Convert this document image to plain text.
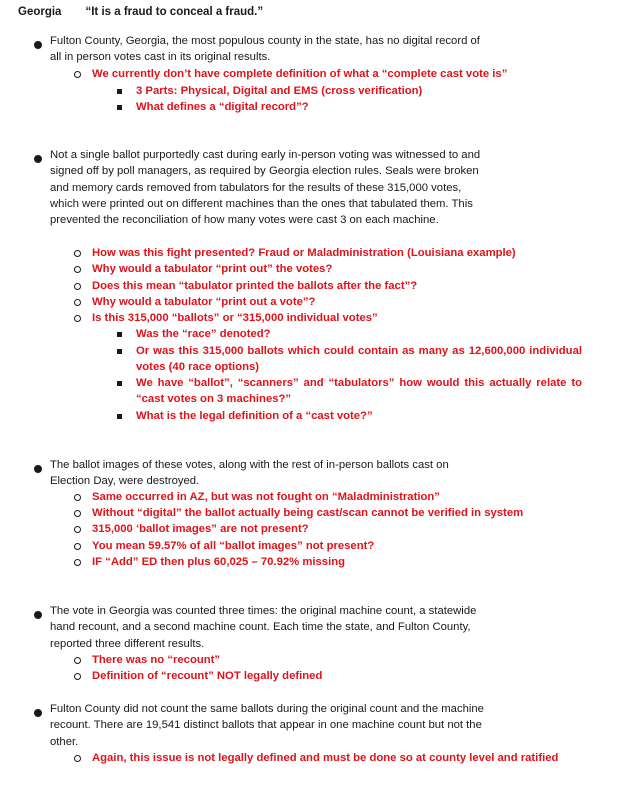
Georgia “It is a fraud to conceal a fraud.”
Fulton County, Georgia, the most populous county in the state, has no digital record of all in person votes cast in its original results.
We currently don’t have complete definition of what a “complete cast vote is”
3 Parts: Physical, Digital and EMS (cross verification)
What defines a “digital record”?
Not a single ballot purportedly cast during early in-person voting was witnessed to and signed off by poll managers, as required by Georgia election rules. Seals were broken and memory cards removed from tabulators for the results of these 315,000 votes, which were printed out on different machines than the ones that tabulated them. This prevented the reconciliation of how many votes were cast 3 on each machine.
How was this fight presented? Fraud or Maladministration (Louisiana example)
Why would a tabulator “print out” the votes?
Does this mean “tabulator printed the ballots after the fact”?
Why would a tabulator “print out a vote”?
Is this 315,000 “ballots” or “315,000 individual votes”
Was the “race” denoted?
Or was this 315,000 ballots which could contain as many as 12,600,000 individual votes (40 race options)
We have “ballot”, “scanners” and “tabulators” how would this actually relate to “cast votes on 3 machines?”
What is the legal definition of a “cast vote?”
The ballot images of these votes, along with the rest of in-person ballots cast on Election Day, were destroyed.
Same occurred in AZ, but was not fought on “Maladministration”
Without “digital” the ballot actually being cast/scan cannot be verified in system
315,000 ‘ballot images” are not present?
You mean 59.57% of all “ballot images” not present?
IF “Add” ED then plus 60,025 – 70.92% missing
The vote in Georgia was counted three times: the original machine count, a statewide hand recount, and a second machine count. Each time the state, and Fulton County, reported three different results.
There was no “recount”
Definition of “recount” NOT legally defined
Fulton County did not count the same ballots during the original count and the machine recount. There are 19,541 distinct ballots that appear in one machine count but not the other.
Again, this issue is not legally defined and must be done so at county level and ratified
